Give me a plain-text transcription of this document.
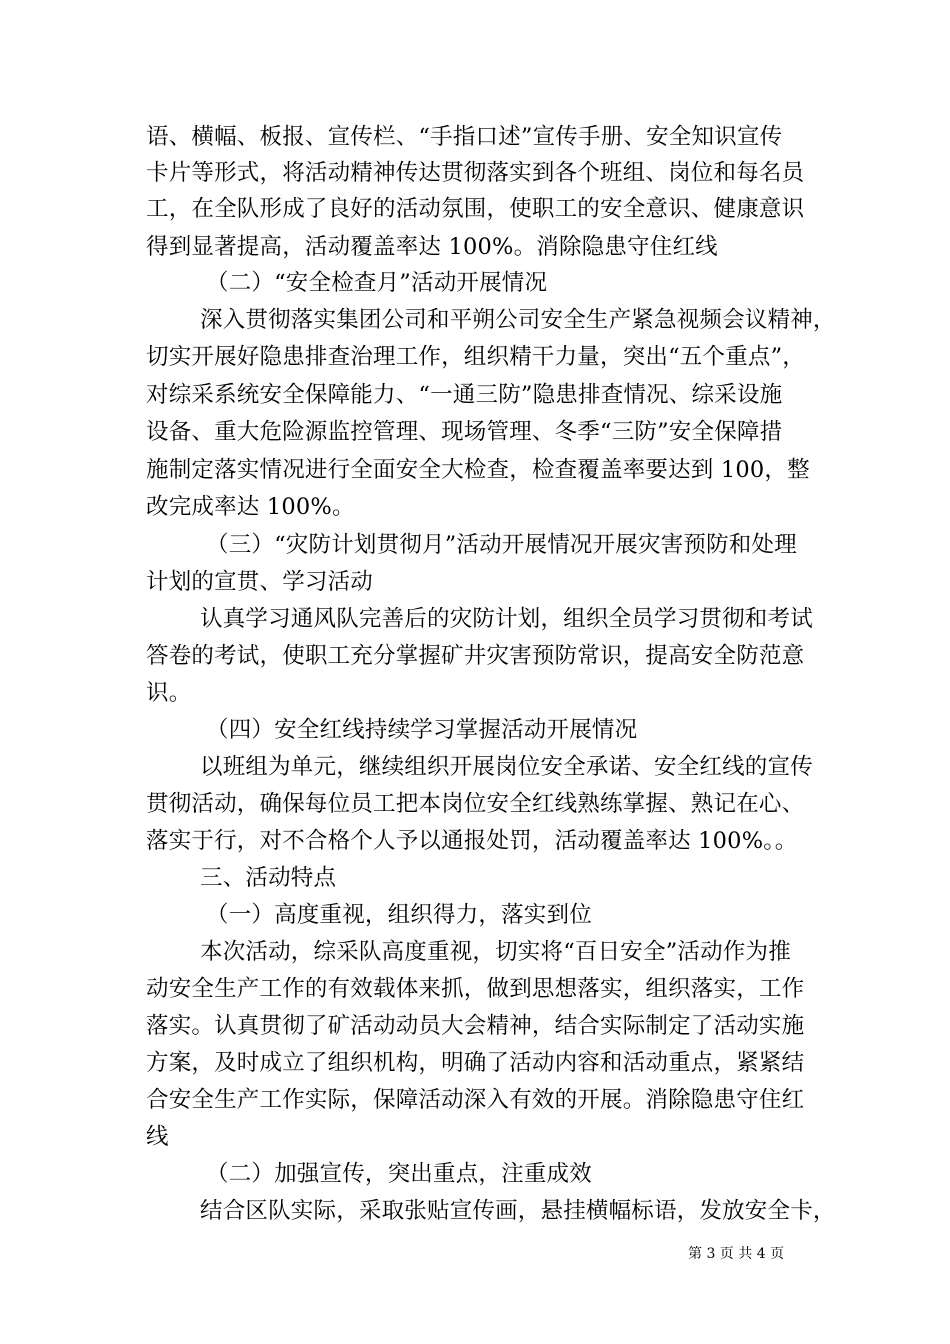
语、横幅、板报、宣传栏、“手指口述”宣传手册、安全知识宣传
卡片等形式，将活动精神传达贯彻落实到各个班组、岗位和每名员
工，在全队形成了良好的活动氛围，使职工的安全意识、健康意识
得到显著提高，活动覆盖率达 100%。消除隐患守住红线
（二）“安全检查月”活动开展情况
深入贯彻落实集团公司和平朔公司安全生产紧急视频会议精神，
切实开展好隐患排查治理工作，组织精干力量，突出“五个重点”，
对综采系统安全保障能力、“一通三防”隐患排查情况、综采设施
设备、重大危险源监控管理、现场管理、冬季“三防”安全保障措
施制定落实情况进行全面安全大检查，检查覆盖率要达到 100，整
改完成率达 100%。
（三）“灾防计划贯彻月”活动开展情况开展灾害预防和处理
计划的宣贯、学习活动
认真学习通风队完善后的灾防计划，组织全员学习贯彻和考试
答卷的考试，使职工充分掌握矿井灾害预防常识，提高安全防范意
识。
（四）安全红线持续学习掌握活动开展情况
以班组为单元，继续组织开展岗位安全承诺、安全红线的宣传
贯彻活动，确保每位员工把本岗位安全红线熟练掌握、熟记在心、
落实于行，对不合格个人予以通报处罚，活动覆盖率达 100%。。
三、活动特点
（一）高度重视，组织得力，落实到位
本次活动，综采队高度重视，切实将“百日安全”活动作为推
动安全生产工作的有效载体来抓，做到思想落实，组织落实，工作
落实。认真贯彻了矿活动动员大会精神，结合实际制定了活动实施
方案，及时成立了组织机构，明确了活动内容和活动重点，紧紧结
合安全生产工作实际，保障活动深入有效的开展。消除隐患守住红
线
（二）加强宣传，突出重点，注重成效
结合区队实际，采取张贴宣传画，悬挂横幅标语，发放安全卡，
第 3 页 共 4 页
